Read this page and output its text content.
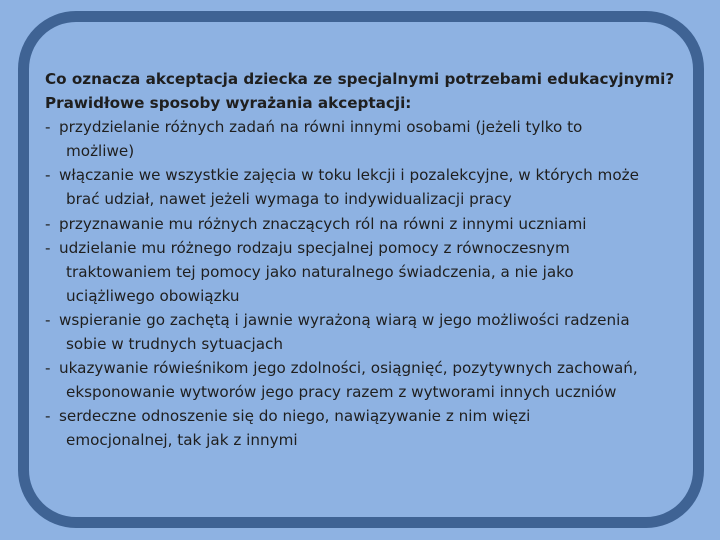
Co oznacza akceptacja dziecka ze specjalnymi potrzebami edukacyjnymi?

Prawidłowe sposoby wyrażania akceptacji:

- przydzielanie różnych zadań na równi innymi osobami (jeżeli tylko to
możliwe)
- włączanie we wszystkie zajęcia w toku lekcji i pozalekcyjne, w których może
brać udział, nawet jeżeli wymaga to indywidualizacji pracy
- przyznawanie mu różnych znaczących ról na równi z innymi uczniami
- udzielanie mu różnego rodzaju specjalnej pomocy z równoczesnym
traktowaniem tej pomocy jako naturalnego świadczenia, a nie jako
uciążliwego obowiązku
- wspieranie go zachętą i jawnie wyrażoną wiarą w jego możliwości radzenia
sobie w trudnych sytuacjach
- ukazywanie rówieśnikom jego zdolności, osiągnięć, pozytywnych zachowań,
eksponowanie wytworów jego pracy razem z wytworami innych uczniów
- serdeczne odnoszenie się do niego, nawiązywanie z nim więzi
emocjonalnej, tak jak z innymi
